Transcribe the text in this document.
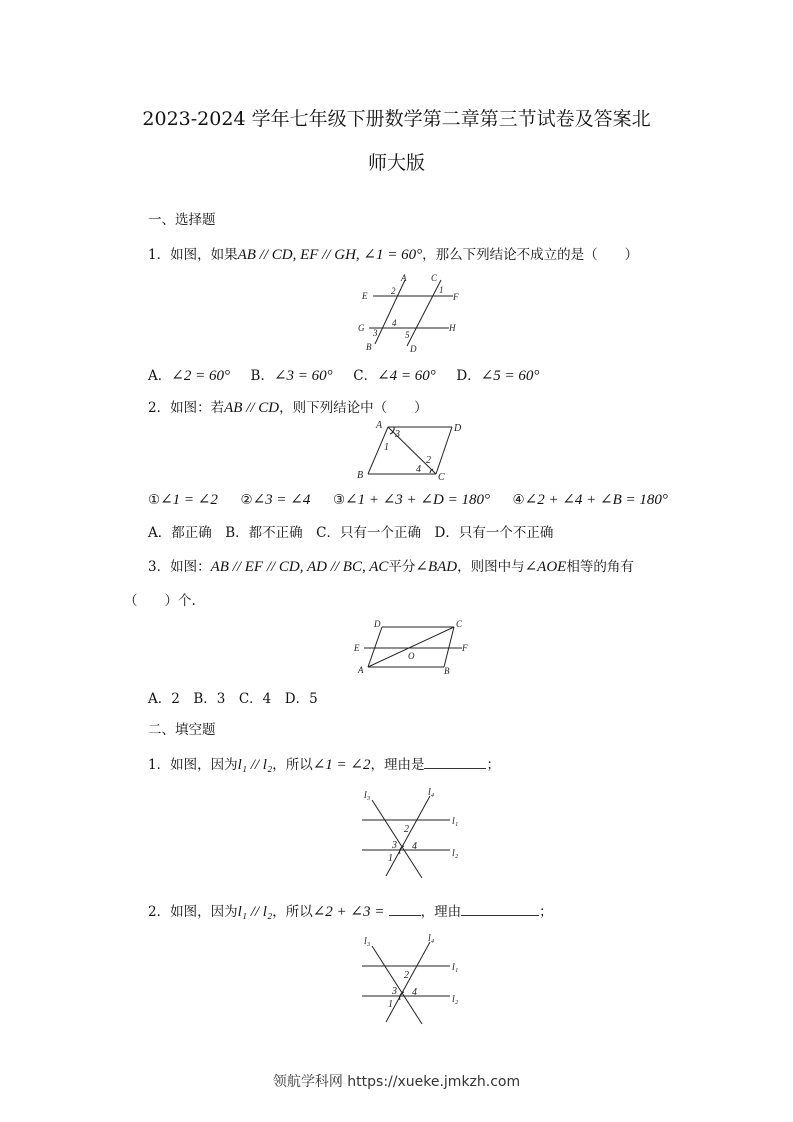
2023-2024 学年七年级下册数学第二章第三节试卷及答案北
师大版
一、选择题
1．如图，如果AB // CD, EF // GH, ∠1 = 60°，那么下列结论不成立的是（　　）
A	C
E	F
G	H
B	D
1
2
3
4
5
A．∠2 = 60° B．∠3 = 60° C．∠4 = 60° D．∠5 = 60°
2．如图：若AB // CD，则下列结论中（　　）
A	D
B	C
1
2
3
4
①∠1 = ∠2 ②∠3 = ∠4 ③∠1 + ∠3 + ∠D = 180° ④∠2 + ∠4 + ∠B = 180°
A．都正确　B．都不正确　C．只有一个正确　D．只有一个不正确
3．如图：AB // EF // CD, AD // BC, AC平分∠BAD，则图中与∠AOE相等的角有
（　　）个.
D	C
E	F
O
A	B
A．2　B．3　C．4　D．5
二、填空题
1．如图，因为l₁ // l₂，所以∠1 = ∠2，理由是	；
l₃	l₄
l₁
l₂
2
3 4
1
2．如图，因为l₁ // l₂，所以∠2 + ∠3 =	，理由	；
l₃	l₄
l₁
l₂
2
3 4
1
领航学科网 https://xueke.jmkzh.com
